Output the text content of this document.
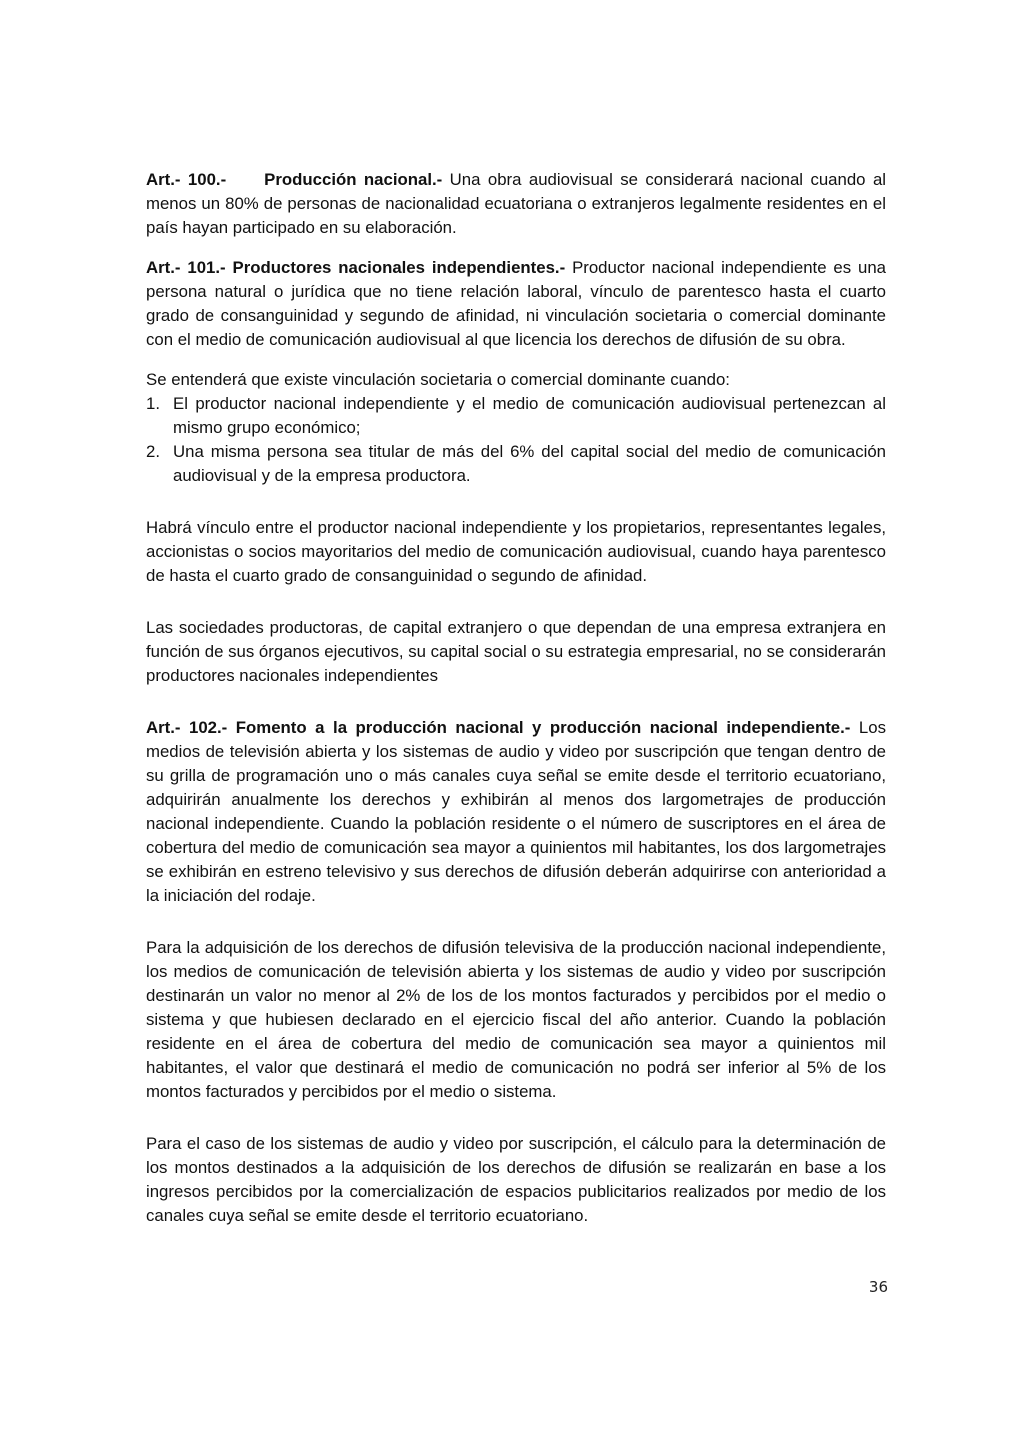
Art.- 100.- Producción nacional.- Una obra audiovisual se considerará nacional cuando al menos un 80% de personas de nacionalidad ecuatoriana o extranjeros legalmente residentes en el país hayan participado en su elaboración.

Art.- 101.- Productores nacionales independientes.- Productor nacional independiente es una persona natural o jurídica que no tiene relación laboral, vínculo de parentesco hasta el cuarto grado de consanguinidad y segundo de afinidad, ni vinculación societaria o comercial dominante con el medio de comunicación audiovisual al que licencia los derechos de difusión de su obra.

Se entenderá que existe vinculación societaria o comercial dominante cuando:

1. El productor nacional independiente y el medio de comunicación audiovisual pertenezcan al mismo grupo económico;
2. Una misma persona sea titular de más del 6% del capital social del medio de comunicación audiovisual y de la empresa productora.

Habrá vínculo entre el productor nacional independiente y los propietarios, representantes legales, accionistas o socios mayoritarios del medio de comunicación audiovisual, cuando haya parentesco de hasta el cuarto grado de consanguinidad o segundo de afinidad.

Las sociedades productoras, de capital extranjero o que dependan de una empresa extranjera en función de sus órganos ejecutivos, su capital social o su estrategia empresarial, no se considerarán productores nacionales independientes

Art.- 102.- Fomento a la producción nacional y producción nacional independiente.- Los medios de televisión abierta y los sistemas de audio y video por suscripción que tengan dentro de su grilla de programación uno o más canales cuya señal se emite desde el territorio ecuatoriano, adquirirán anualmente los derechos y exhibirán al menos dos largometrajes de producción nacional independiente. Cuando la población residente o el número de suscriptores en el área de cobertura del medio de comunicación sea mayor a quinientos mil habitantes, los dos largometrajes se exhibirán en estreno televisivo y sus derechos de difusión deberán adquirirse con anterioridad a la iniciación del rodaje.

Para la adquisición de los derechos de difusión televisiva de la producción nacional independiente, los medios de comunicación de televisión abierta y los sistemas de audio y video por suscripción destinarán un valor no menor al 2% de los de los montos facturados y percibidos por el medio o sistema y que hubiesen declarado en el ejercicio fiscal del año anterior. Cuando la población residente en el área de cobertura del medio de comunicación sea mayor a quinientos mil habitantes, el valor que destinará el medio de comunicación no podrá ser inferior al 5% de los montos facturados y percibidos por el medio o sistema.

Para el caso de los sistemas de audio y video por suscripción, el cálculo para la determinación de los montos destinados a la adquisición de los derechos de difusión se realizarán en base a los ingresos percibidos por la comercialización de espacios publicitarios realizados por medio de los canales cuya señal se emite desde el territorio ecuatoriano.

36
